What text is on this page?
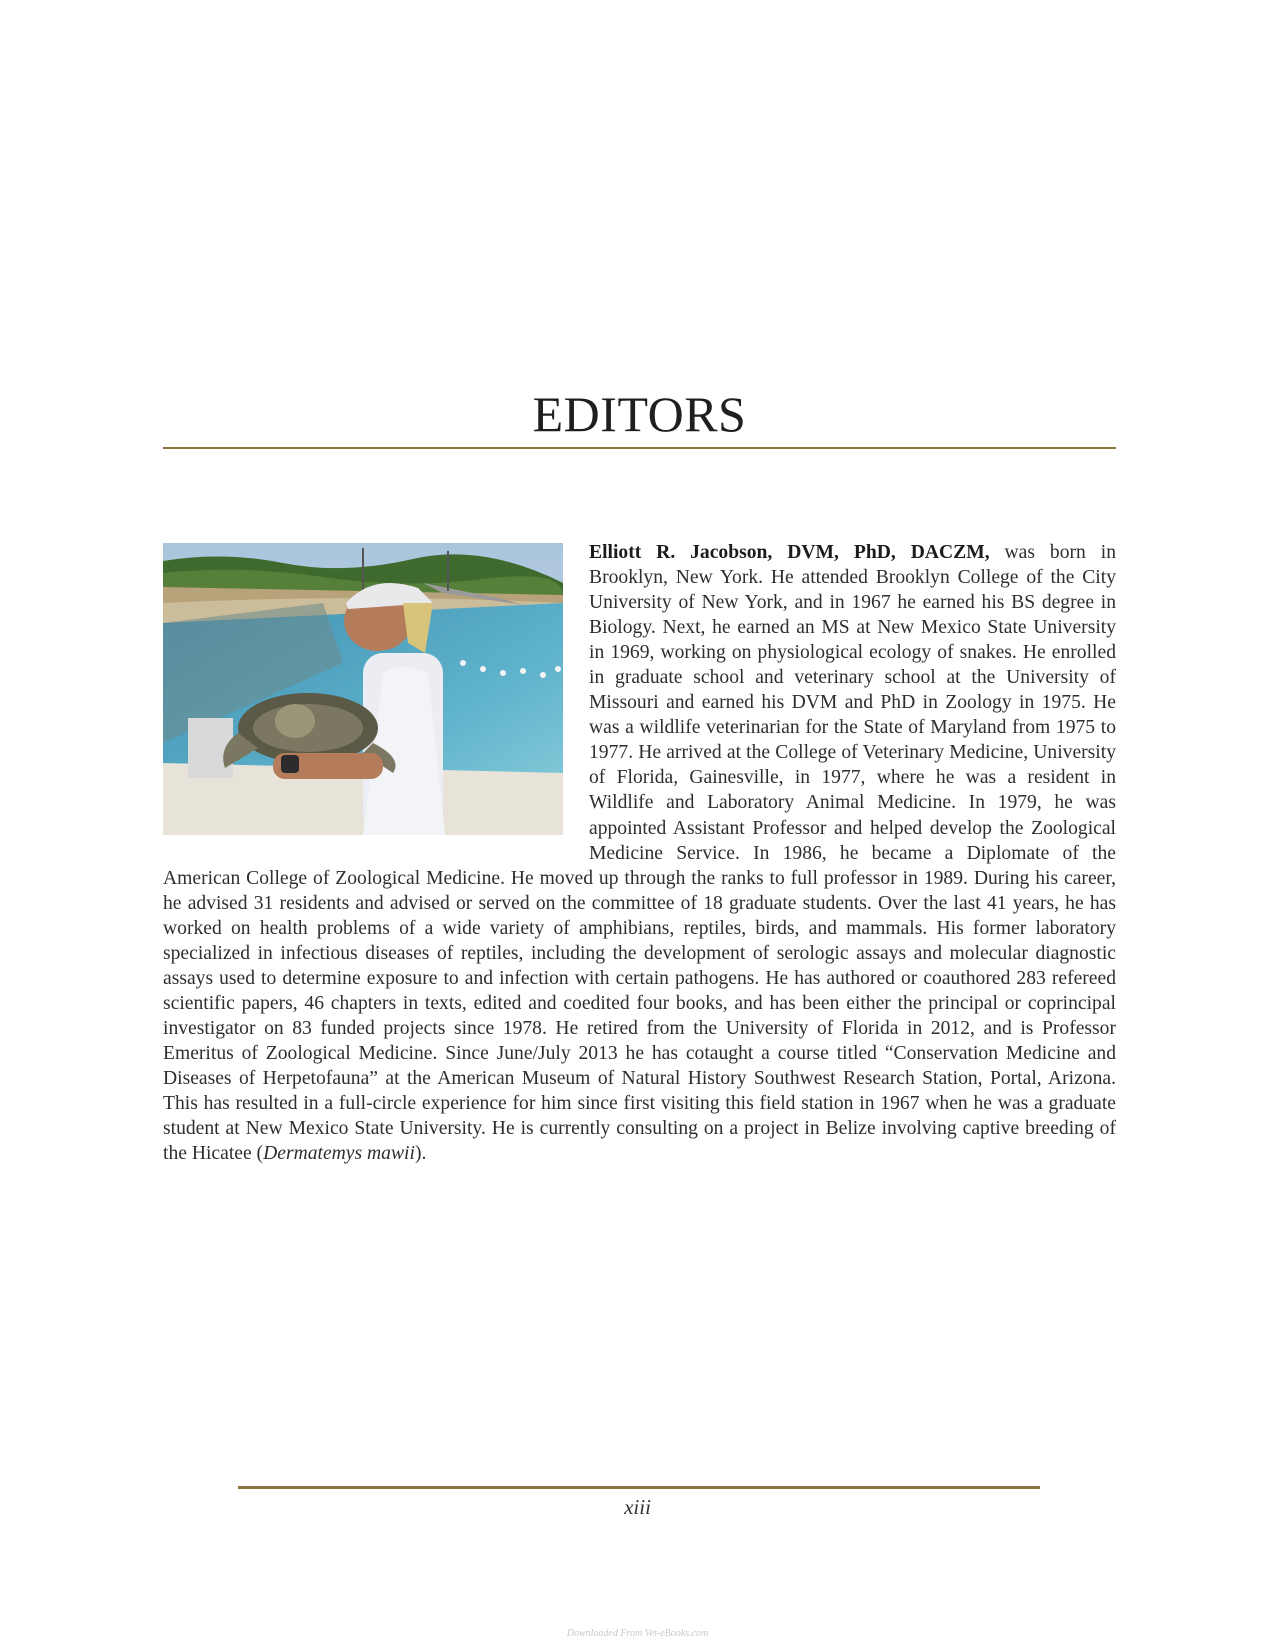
EDITORS

Elliott R. Jacobson, DVM, PhD, DACZM, was born in Brooklyn, New York. He attended Brooklyn College of the City University of New York, and in 1967 he earned his BS degree in Biology. Next, he earned an MS at New Mexico State University in 1969, working on physiological ecology of snakes. He enrolled in graduate school and veterinary school at the University of Missouri and earned his DVM and PhD in Zoology in 1975. He was a wildlife veterinarian for the State of Maryland from 1975 to 1977. He arrived at the College of Veterinary Medicine, University of Florida, Gainesville, in 1977, where he was a resident in Wildlife and Laboratory Animal Medicine. In 1979, he was appointed Assistant Professor and helped develop the Zoological Medicine Service. In 1986, he became a Diplomate of the American College of Zoological Medicine. He moved up through the ranks to full professor in 1989. During his career, he advised 31 residents and advised or served on the committee of 18 graduate students. Over the last 41 years, he has worked on health problems of a wide variety of amphibians, reptiles, birds, and mammals. His former laboratory specialized in infectious diseases of reptiles, including the development of serologic assays and molecular diagnostic assays used to determine exposure to and infection with certain pathogens. He has authored or coauthored 283 refereed scientific papers, 46 chapters in texts, edited and coedited four books, and has been either the principal or coprincipal investigator on 83 funded projects since 1978. He retired from the University of Florida in 2012, and is Professor Emeritus of Zoological Medicine. Since June/July 2013 he has cotaught a course titled “Conservation Medicine and Diseases of Herpetofauna” at the American Museum of Natural History Southwest Research Station, Portal, Arizona. This has resulted in a full-circle experience for him since first visiting this field station in 1967 when he was a graduate student at New Mexico State University. He is currently consulting on a project in Belize involving captive breeding of the Hicatee (Dermatemys mawii).

xiii
Downloaded From Vet-eBooks.com
